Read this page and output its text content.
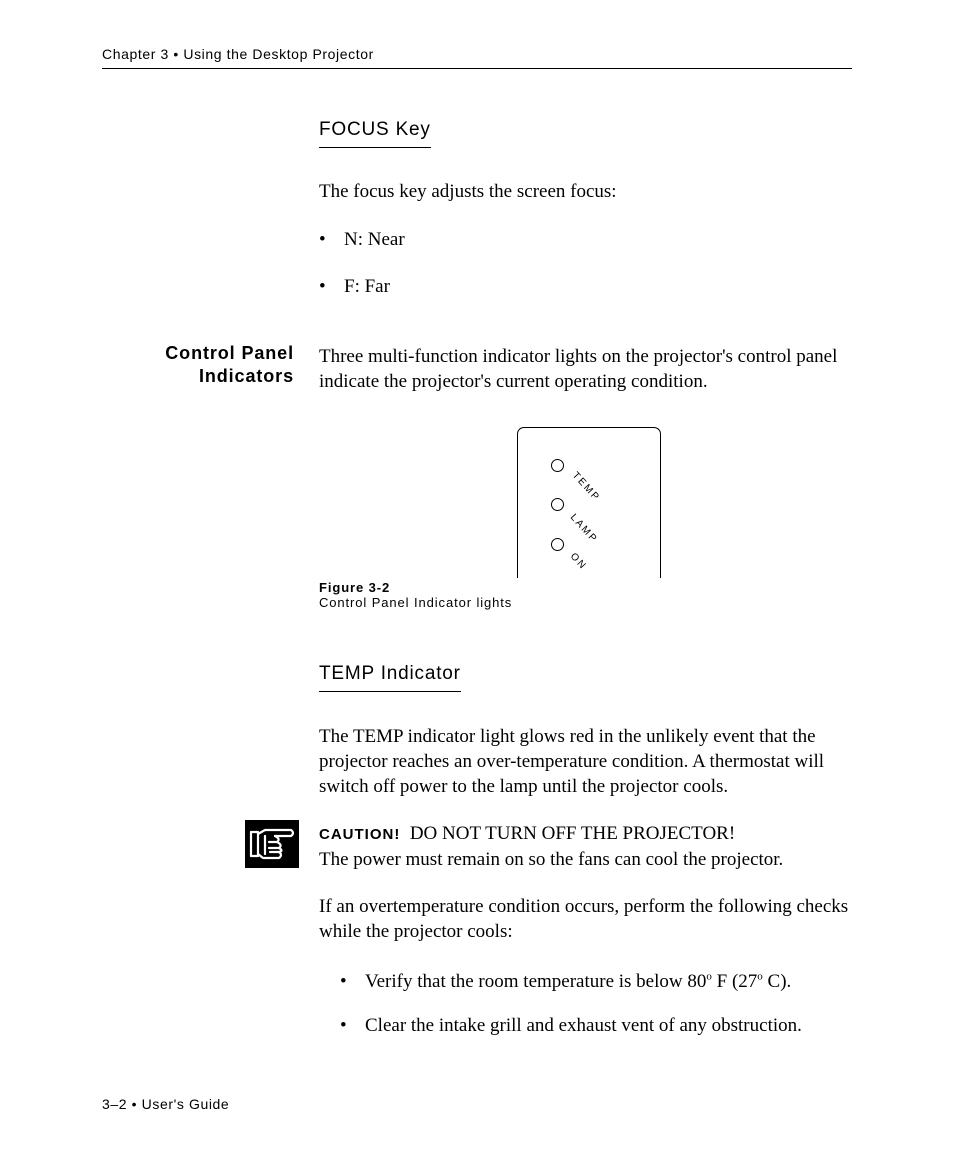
Chapter 3 • Using the Desktop Projector
FOCUS Key
The focus key adjusts the screen focus:
• N: Near
• F: Far
Control Panel
Indicators
Three multi-function indicator lights on the projector's control panel indicate the projector's current operating condition.
TEMP
LAMP
ON
Figure 3-2
Control Panel Indicator lights
TEMP Indicator
The TEMP indicator light glows red in the unlikely event that the projector reaches an over-temperature condition. A thermostat will switch off power to the lamp until the projector cools.
CAUTION! DO NOT TURN OFF THE PROJECTOR!
The power must remain on so the fans can cool the projector.
If an overtemperature condition occurs, perform the following checks while the projector cools:
• Verify that the room temperature is below 80$^o$ F (27$^o$ C).
• Clear the intake grill and exhaust vent of any obstruction.
3–2 • User's Guide
